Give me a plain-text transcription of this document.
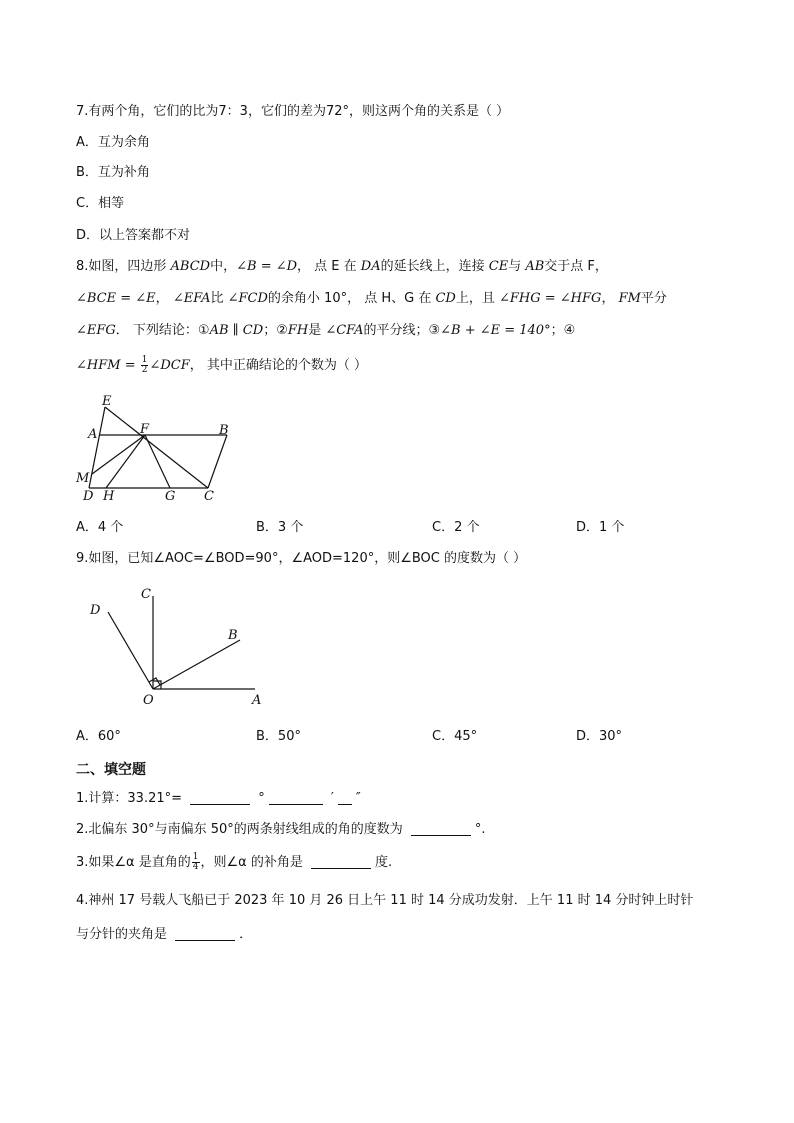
7.有两个角，它们的比为7：3，它们的差为72°，则这两个角的关系是（ ）
A．互为余角
B．互为补角
C．相等
D．以上答案都不对
8.如图，四边形 ABCD中，∠B = ∠D， 点 E 在 DA的延长线上，连接 CE与 AB交于点 F，
∠BCE = ∠E， ∠EFA比 ∠FCD的余角小 10°， 点 H、G 在 CD上，且 ∠FHG = ∠HFG， FM平分
∠EFG． 下列结论：①AB ∥ CD；②FH是 ∠CFA的平分线；③∠B + ∠E = 140°；④
∠HFM = $\frac{1}{2}$ ∠DCF， 其中正确结论的个数为（ ）
E
A	F	B
M
D H	G C
A．4 个	B．3 个	C．2 个	D．1 个
9.如图，已知∠AOC=∠BOD=90°，∠AOD=120°，则∠BOC 的度数为（ ）
D
C
B
O	A
A．60°	B．50°	C．45°	D．30°
二、填空题
1.计算：33.21°=	°	′ ″
2.北偏东 30°与南偏东 50°的两条射线组成的角的度数为	°.
3.如果∠α 是直角的 $\frac{1}{4}$ ，则∠α 的补角是	度.
4.神州 17 号载人飞船已于 2023 年 10 月 26 日上午 11 时 14 分成功发射．上午 11 时 14 分时钟上时针
与分针的夹角是	．
